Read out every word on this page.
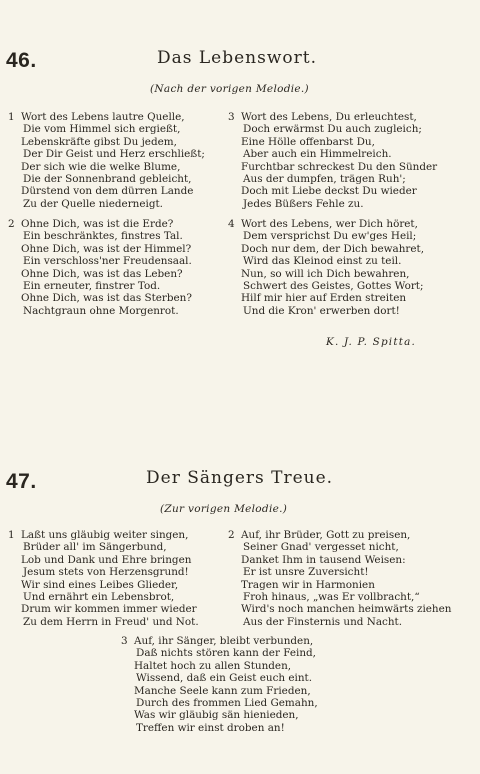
46.	Das Lebenswort.
(Nach der vorigen Melodie.)
1 Wort des Lebens lautre Quelle,
Die vom Himmel sich ergießt,
Lebenskräfte gibst Du jedem,
Der Dir Geist und Herz erschließt;
Der sich wie die welke Blume,
Die der Sonnenbrand gebleicht,
Dürstend von dem dürren Lande
Zu der Quelle niederneigt.
2 Ohne Dich, was ist die Erde?
Ein beschränktes, finstres Tal.
Ohne Dich, was ist der Himmel?
Ein verschloss'ner Freudensaal.
Ohne Dich, was ist das Leben?
Ein erneuter, finstrer Tod.
Ohne Dich, was ist das Sterben?
Nachtgraun ohne Morgenrot.
3 Wort des Lebens, Du erleuchtest,
Doch erwärmst Du auch zugleich;
Eine Hölle offenbarst Du,
Aber auch ein Himmelreich.
Furchtbar schreckest Du den Sünder
Aus der dumpfen, trägen Ruh';
Doch mit Liebe deckst Du wieder
Jedes Büßers Fehle zu.
4 Wort des Lebens, wer Dich höret,
Dem versprichst Du ew'ges Heil;
Doch nur dem, der Dich bewahret,
Wird das Kleinod einst zu teil.
Nun, so will ich Dich bewahren,
Schwert des Geistes, Gottes Wort;
Hilf mir hier auf Erden streiten
Und die Kron' erwerben dort!
K. J. P. Spitta.
47.	Der Sängers Treue.
(Zur vorigen Melodie.)
1 Laßt uns gläubig weiter singen,
Brüder all' im Sängerbund,
Lob und Dank und Ehre bringen
Jesum stets von Herzensgrund!
Wir sind eines Leibes Glieder,
Und ernährt ein Lebensbrot,
Drum wir kommen immer wieder
Zu dem Herrn in Freud' und Not.
2 Auf, ihr Brüder, Gott zu preisen,
Seiner Gnad' vergesset nicht,
Danket Ihm in tausend Weisen:
Er ist unsre Zuversicht!
Tragen wir in Harmonien
Froh hinaus, „was Er vollbracht,“
Wird's noch manchen heimwärts ziehen
Aus der Finsternis und Nacht.
3 Auf, ihr Sänger, bleibt verbunden,
Daß nichts stören kann der Feind,
Haltet hoch zu allen Stunden,
Wissend, daß ein Geist euch eint.
Manche Seele kann zum Frieden,
Durch des frommen Lied Gemahn,
Was wir gläubig sän hienieden,
Treffen wir einst droben an!
